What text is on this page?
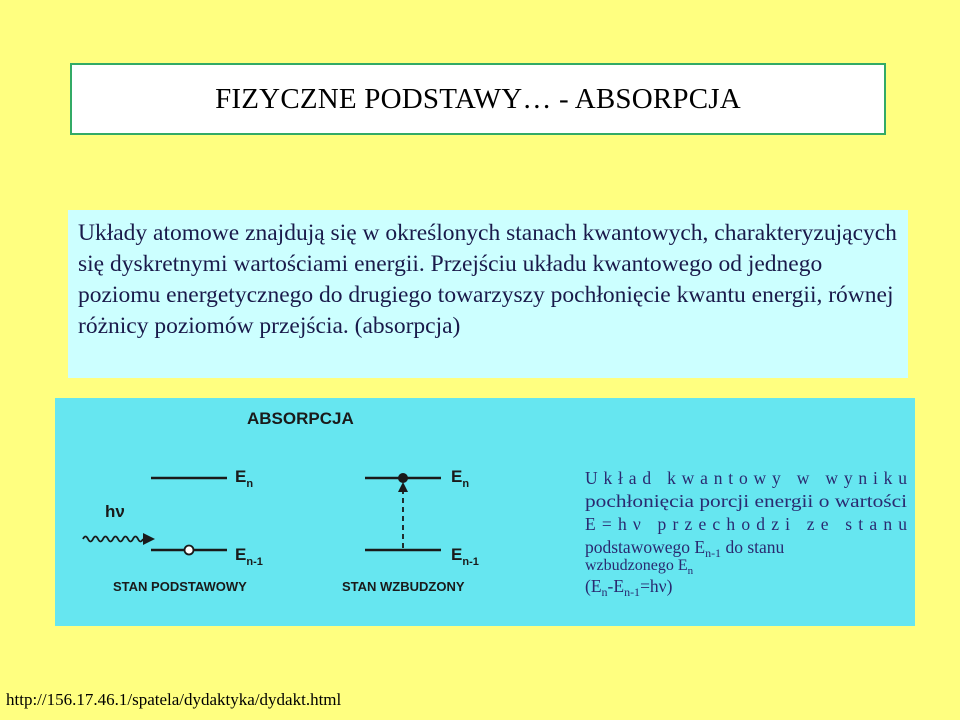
FIZYCZNE PODSTAWY… - ABSORPCJA
Układy atomowe znajdują się w określonych stanach kwantowych, charakteryzujących się dyskretnymi wartościami energii. Przejściu układu kwantowego od jednego poziomu energetycznego do drugiego towarzyszy pochłonięcie kwantu energii, równej różnicy poziomów przejścia. (absorpcja)
ABSORPCJA
hν
$E_n$
$E_{n-1}$
$E_n$
$E_{n-1}$
STAN PODSTAWOWY	STAN WZBUDZONY
Układ kwantowy w wyniku
pochłonięcia porcji energii o wartości
E=hν przechodzi ze stanu
podstawowego $E_{n-1}$ do stanu
wzbudzonego $E_n$
$(E_n-E_{n-1}=h\nu)$
http://156.17.46.1/spatela/dydaktyka/dydakt.html
